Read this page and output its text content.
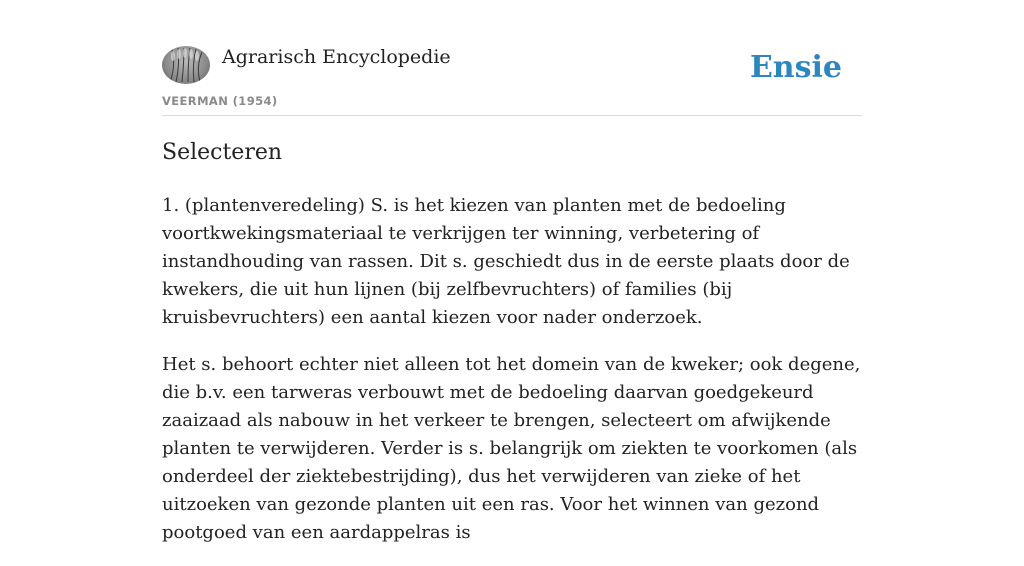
Agrarisch Encyclopedie
VEERMAN (1954)
Ensie
Selecteren

1. (plantenveredeling) S. is het kiezen van planten met de bedoeling voortkwekingsmateriaal te verkrijgen ter winning, verbetering of instandhouding van rassen. Dit s. geschiedt dus in de eerste plaats door de kwekers, die uit hun lijnen (bij zelfbevruchters) of families (bij kruisbevruchters) een aantal kiezen voor nader onderzoek.

Het s. behoort echter niet alleen tot het domein van de kweker; ook degene, die b.v. een tarweras verbouwt met de bedoeling daarvan goedgekeurd zaaizaad als nabouw in het verkeer te brengen, selecteert om afwijkende planten te verwijderen. Verder is s. belangrijk om ziekten te voorkomen (als onderdeel der ziektebestrijding), dus het verwijderen van zieke of het uitzoeken van gezonde planten uit een ras. Voor het winnen van gezond pootgoed van een aardappelras is
